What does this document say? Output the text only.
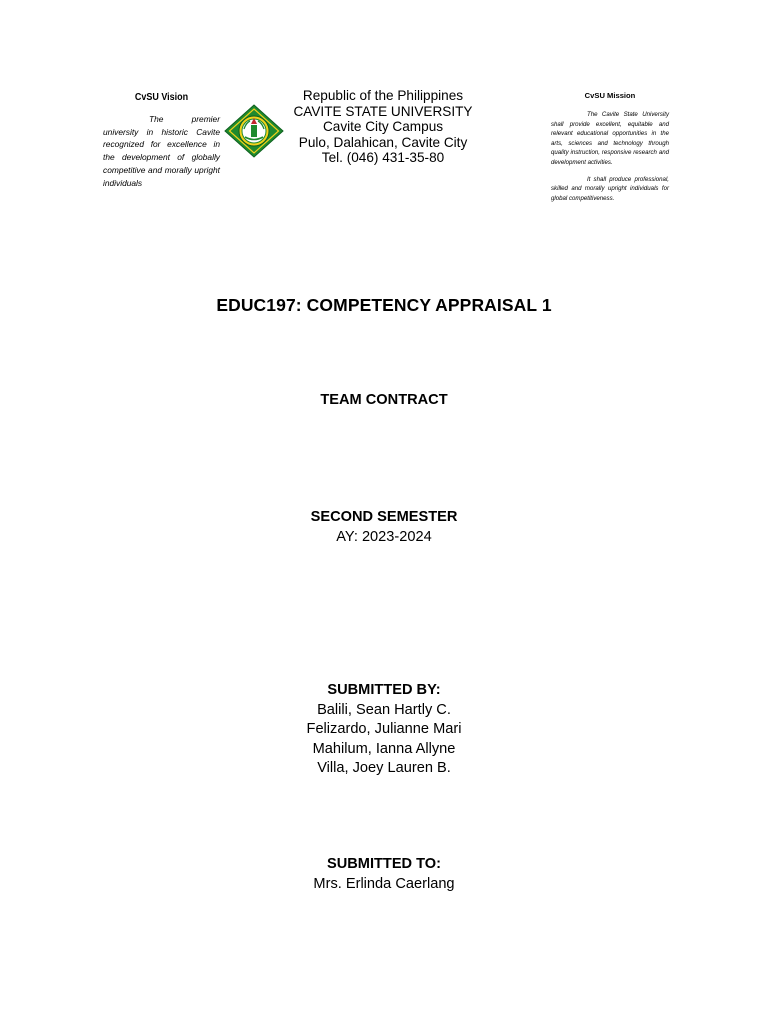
CvSU Vision

The premier university in historic Cavite recognized for excellence in the development of globally competitive and morally upright individuals

Republic of the Philippines
CAVITE STATE UNIVERSITY
Cavite City Campus
Pulo, Dalahican, Cavite City
Tel. (046) 431-35-80
CvSU Mission

The Cavite State University shall provide excellent, equitable and relevant educational opportunities in the arts, sciences and technology through quality instruction, responsive research and development activities.

It shall produce professional, skilled and morally upright individuals for global competitiveness.

EDUC197: COMPETENCY APPRAISAL 1
TEAM CONTRACT
SECOND SEMESTER
AY: 2023-2024
SUBMITTED BY:
Balili, Sean Hartly C.
Felizardo, Julianne Mari
Mahilum, Ianna Allyne
Villa, Joey Lauren B.
SUBMITTED TO:
Mrs. Erlinda Caerlang
